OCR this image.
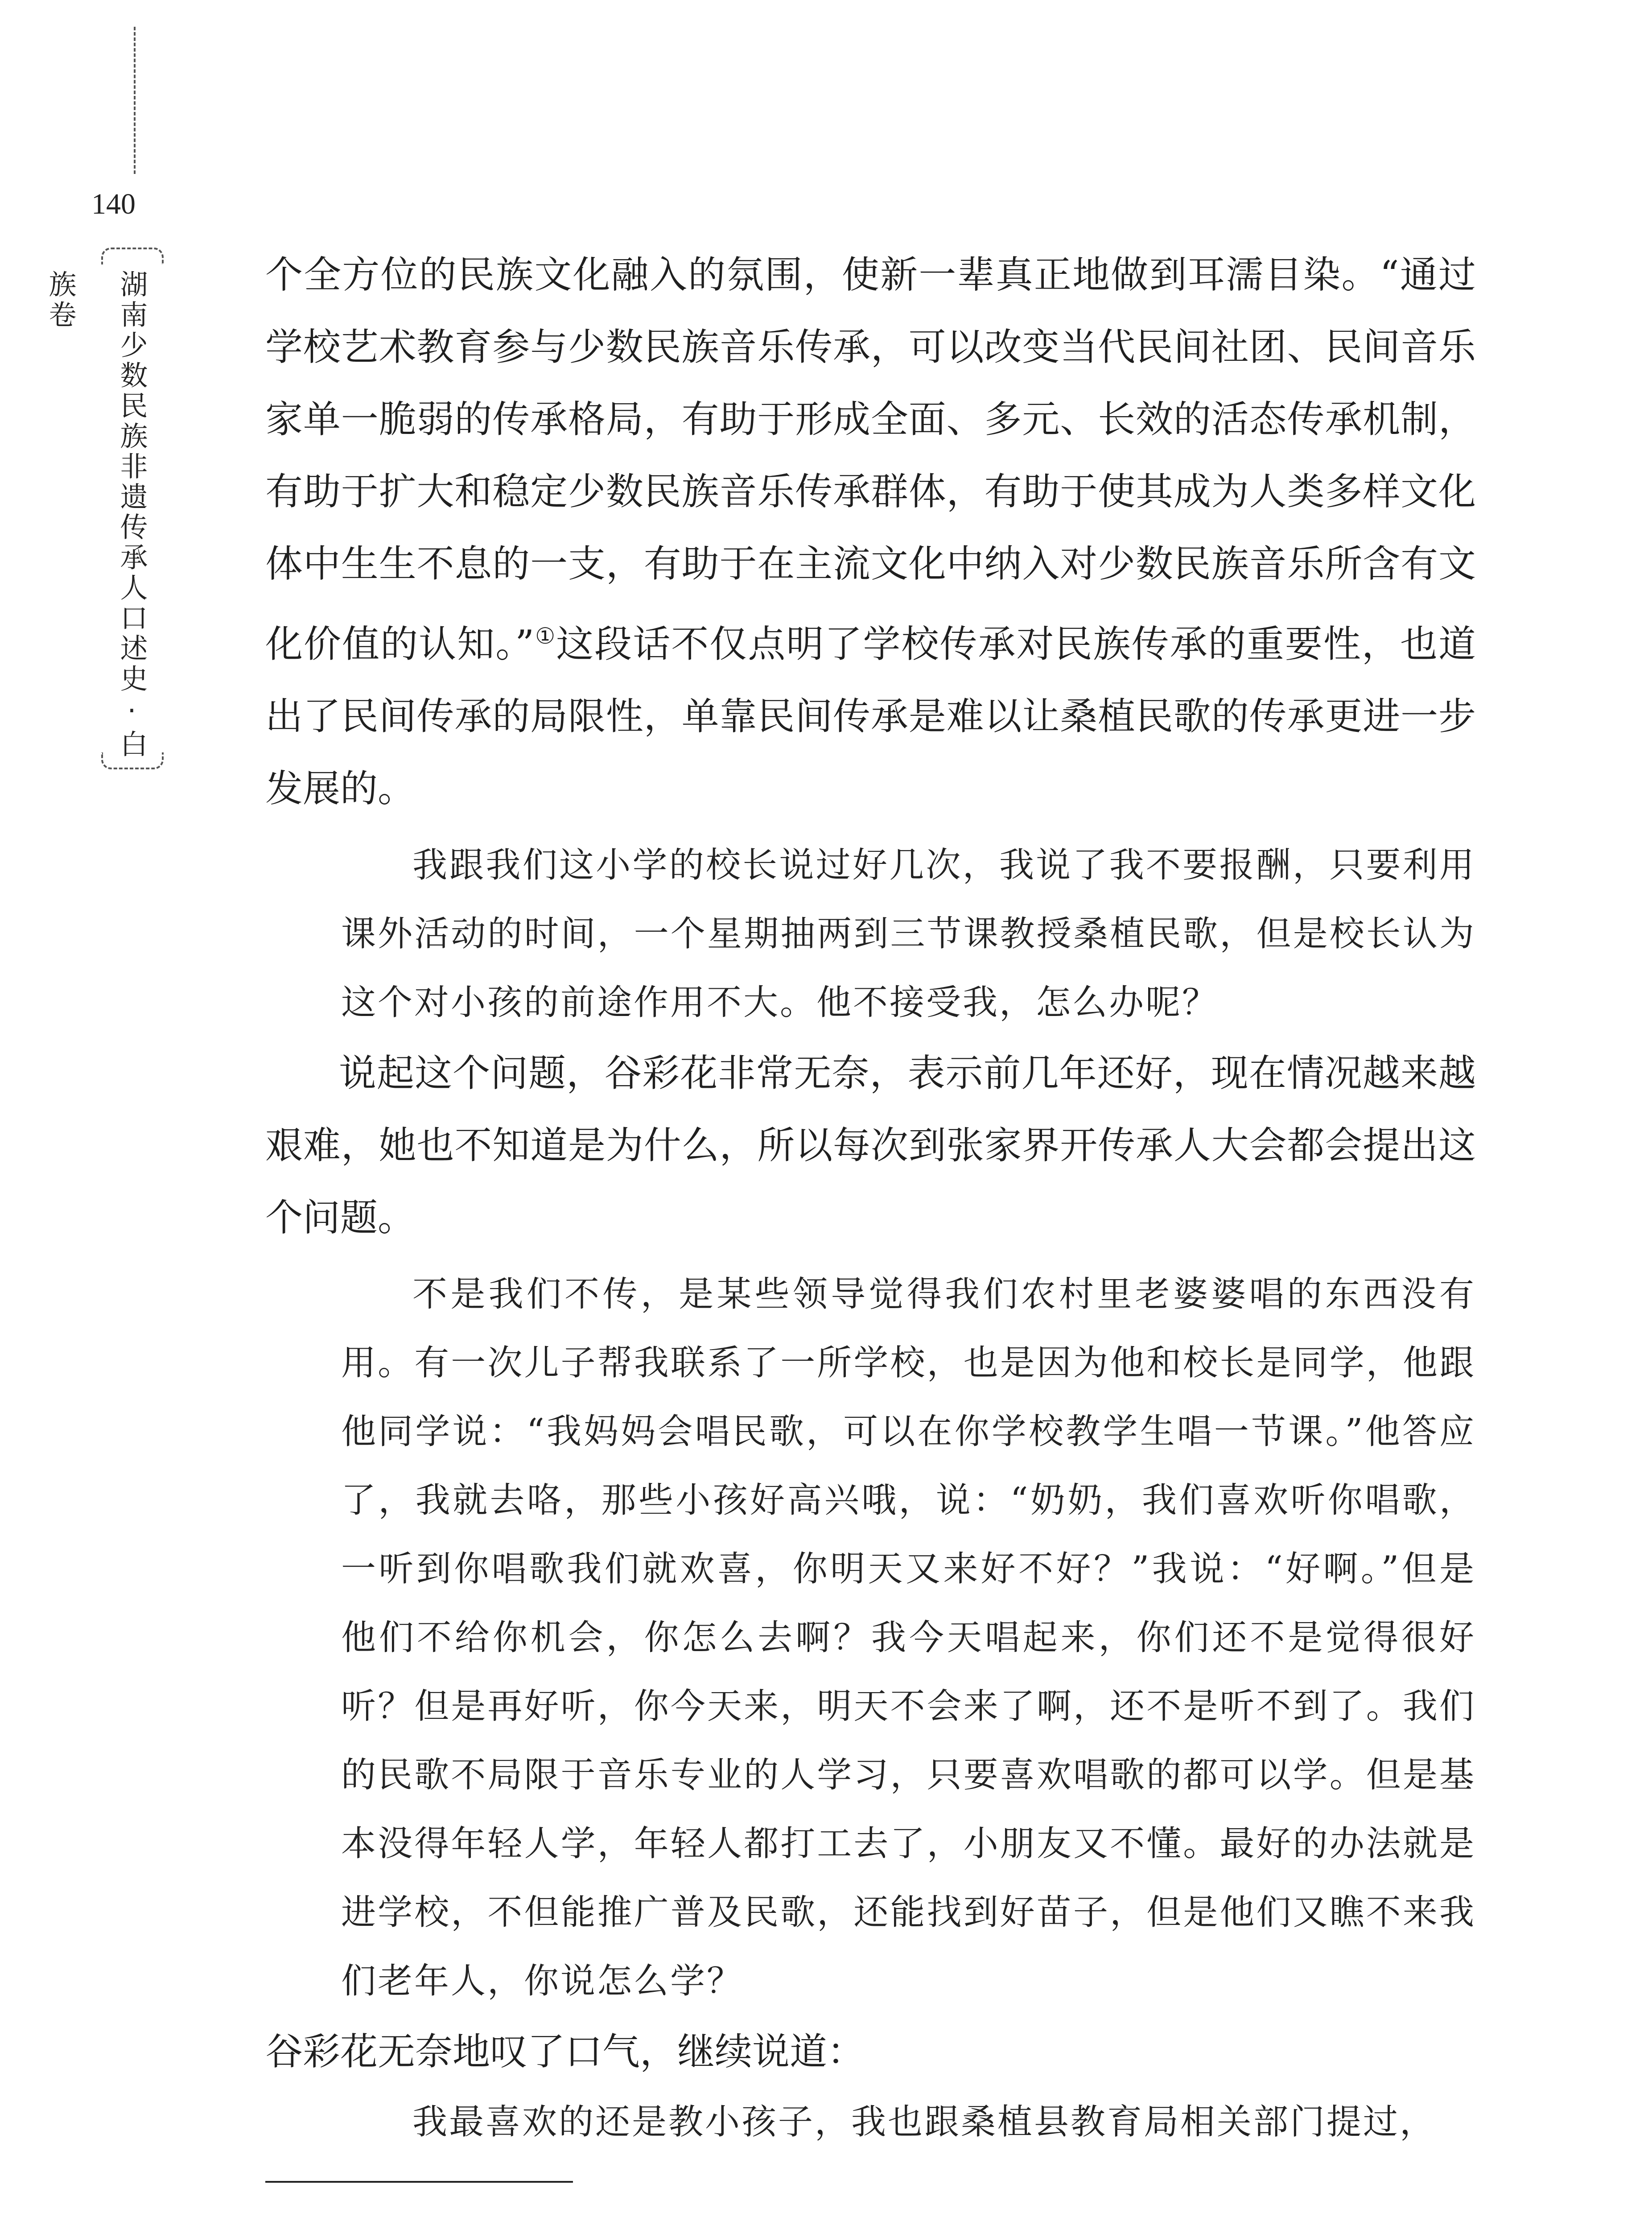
140
湖南少数民族非遗传承人口述史·白族卷	个全方位的民族文化融入的氛围，使新一辈真正地做到耳濡目染。“通过学校艺术教育参与少数民族音乐传承，可以改变当代民间社团、民间音乐家单一脆弱的传承格局，有助于形成全面、多元、长效的活态传承机制，有助于扩大和稳定少数民族音乐传承群体，有助于使其成为人类多样文化体中生生不息的一支，有助于在主流文化中纳入对少数民族音乐所含有文化价值的认知。”①这段话不仅点明了学校传承对民族传承的重要性，也道出了民间传承的局限性，单靠民间传承是难以让桑植民歌的传承更进一步发展的。

我跟我们这小学的校长说过好几次，我说了我不要报酬，只要利用课外活动的时间，一个星期抽两到三节课教授桑植民歌，但是校长认为这个对小孩的前途作用不大。他不接受我，怎么办呢？

说起这个问题，谷彩花非常无奈，表示前几年还好，现在情况越来越艰难，她也不知道是为什么，所以每次到张家界开传承人大会都会提出这个问题。

不是我们不传，是某些领导觉得我们农村里老婆婆唱的东西没有用。有一次儿子帮我联系了一所学校，也是因为他和校长是同学，他跟他同学说：“我妈妈会唱民歌，可以在你学校教学生唱一节课。”他答应了，我就去咯，那些小孩好高兴哦，说：“奶奶，我们喜欢听你唱歌，一听到你唱歌我们就欢喜，你明天又来好不好？”我说：“好啊。”但是他们不给你机会，你怎么去啊？我今天唱起来，你们还不是觉得很好听？但是再好听，你今天来，明天不会来了啊，还不是听不到了。我们的民歌不局限于音乐专业的人学习，只要喜欢唱歌的都可以学。但是基本没得年轻人学，年轻人都打工去了，小朋友又不懂。最好的办法就是进学校，不但能推广普及民歌，还能找到好苗子，但是他们又瞧不来我们老年人，你说怎么学？

谷彩花无奈地叹了口气，继续说道：

我最喜欢的还是教小孩子，我也跟桑植县教育局相关部门提过，
